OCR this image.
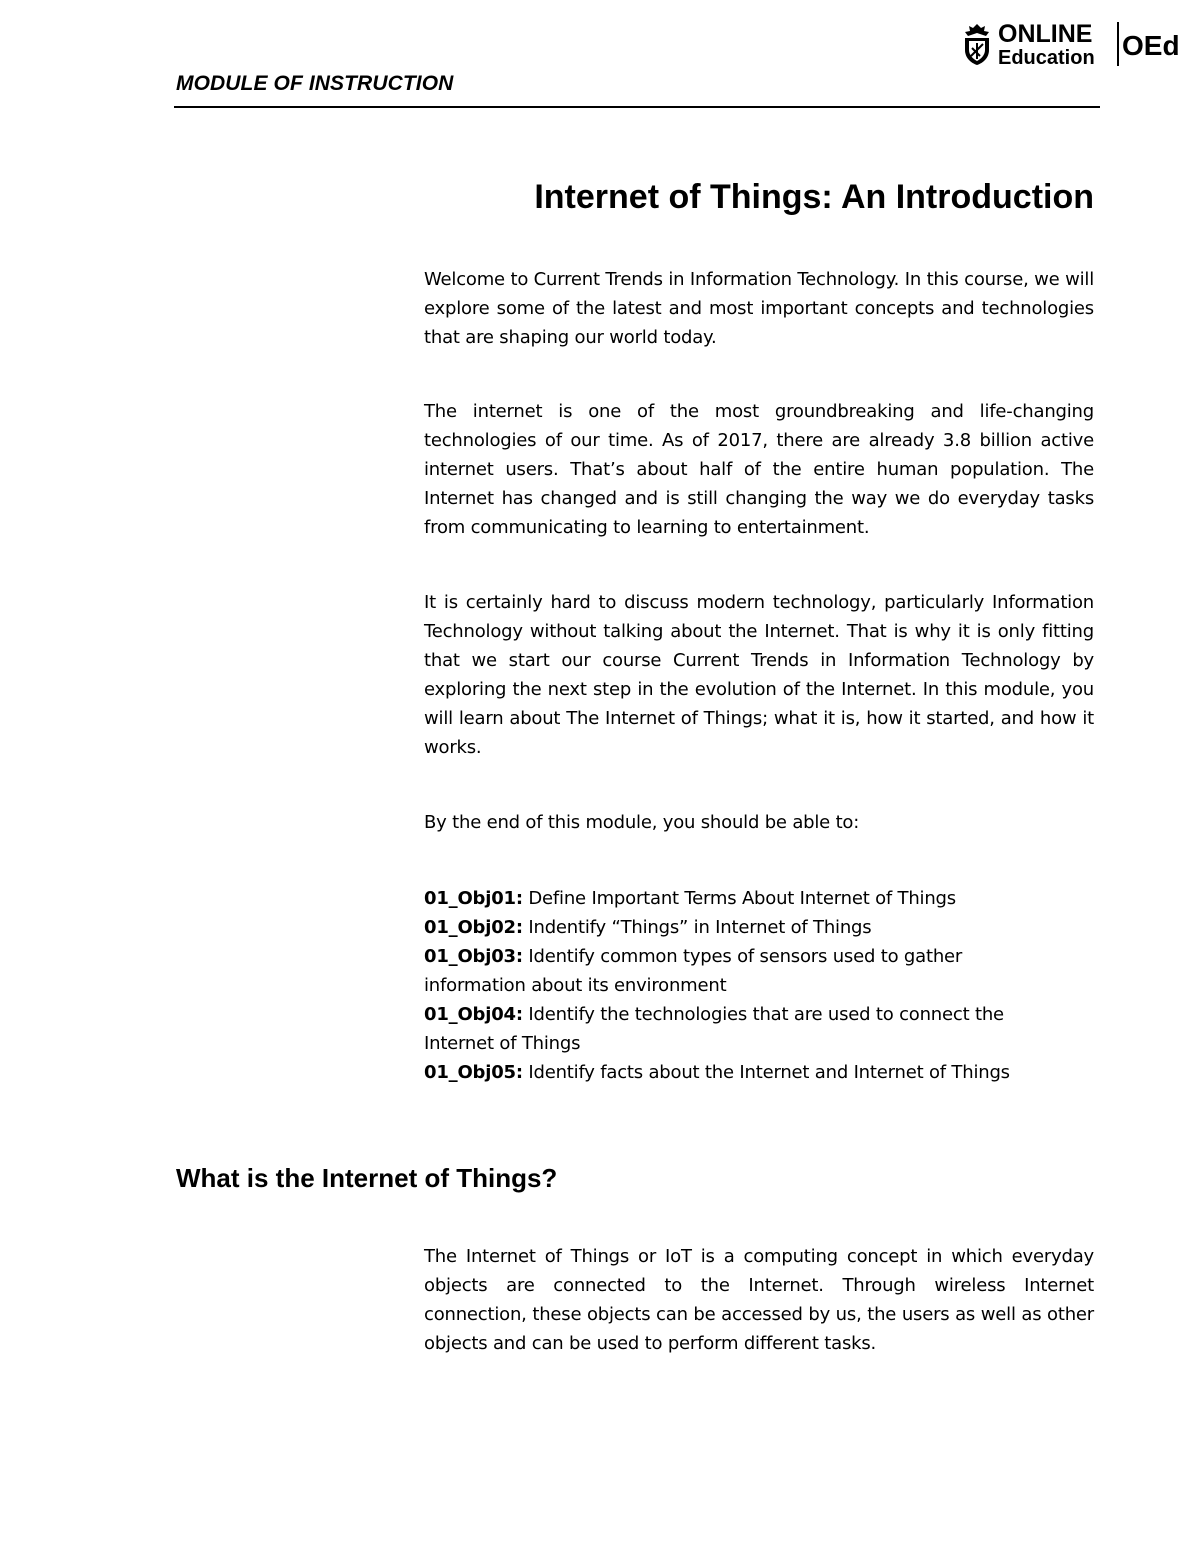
MODULE OF INSTRUCTION
ONLINE
Education OEd
Internet of Things: An Introduction
Welcome to Current Trends in Information Technology. In this course, we will explore some of the latest and most important concepts and technologies that are shaping our world today.
The internet is one of the most groundbreaking and life-changing technologies of our time. As of 2017, there are already 3.8 billion active internet users. That’s about half of the entire human population. The Internet has changed and is still changing the way we do everyday tasks from communicating to learning to entertainment.
It is certainly hard to discuss modern technology, particularly Information Technology without talking about the Internet. That is why it is only fitting that we start our course Current Trends in Information Technology by exploring the next step in the evolution of the Internet. In this module, you will learn about The Internet of Things; what it is, how it started, and how it works.
By the end of this module, you should be able to:
01_Obj01: Define Important Terms About Internet of Things
01_Obj02: Indentify “Things” in Internet of Things
01_Obj03: Identify common types of sensors used to gather information about its environment
01_Obj04: Identify the technologies that are used to connect the Internet of Things
01_Obj05: Identify facts about the Internet and Internet of Things
What is the Internet of Things?
The Internet of Things or IoT is a computing concept in which everyday objects are connected to the Internet. Through wireless Internet connection, these objects can be accessed by us, the users as well as other objects and can be used to perform different tasks.
